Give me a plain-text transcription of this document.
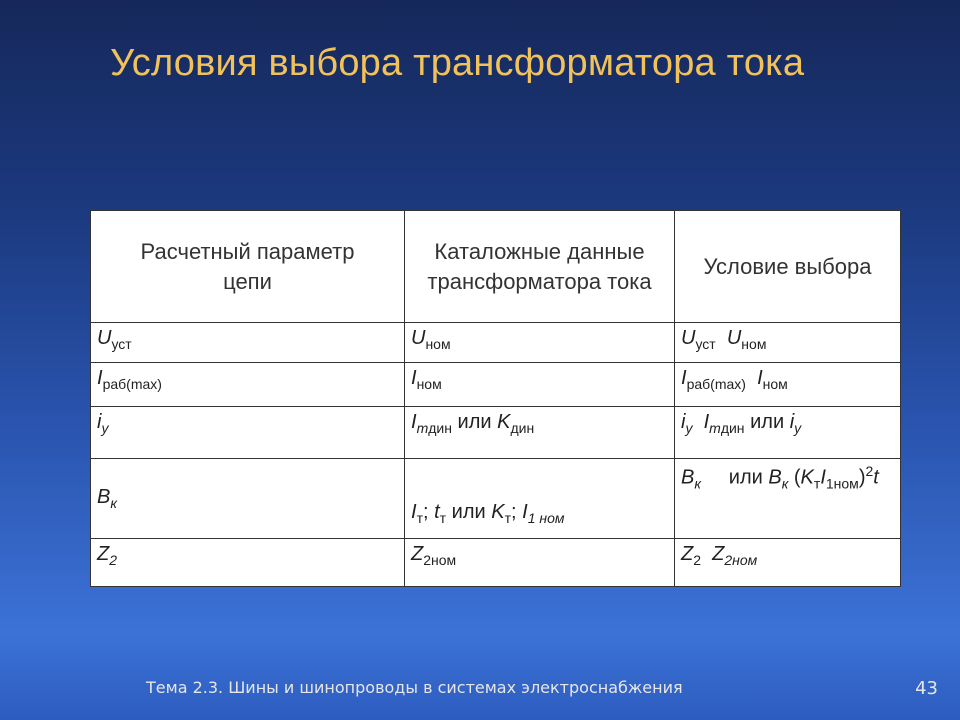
Условия выбора трансформатора тока
Расчетный параметр цепи	Каталожные данные трансформатора тока	Условие выбора
$U_{уст}$	$U_{ном}$	$U_{уст}$ $U_{ном}$
$I_{раб(max)}$	$I_{ном}$	$I_{раб(max)}$ $I_{ном}$
$i_у$	$I_{mдин}$ или $K_{дин}$	$i_у$ $I_{mдин}$ или $i_у$
$B_к$	$I_т$; $t_т$ или $K_т$; $I_{1 ном}$	$B_к$ или $B_к$ $(K_тI_{1ном})^2t$
$Z_2$	$Z_{2ном}$	$Z_2$ $Z_{2ном}$
Тема 2.3. Шины и шинопроводы в системах электроснабжения	43
